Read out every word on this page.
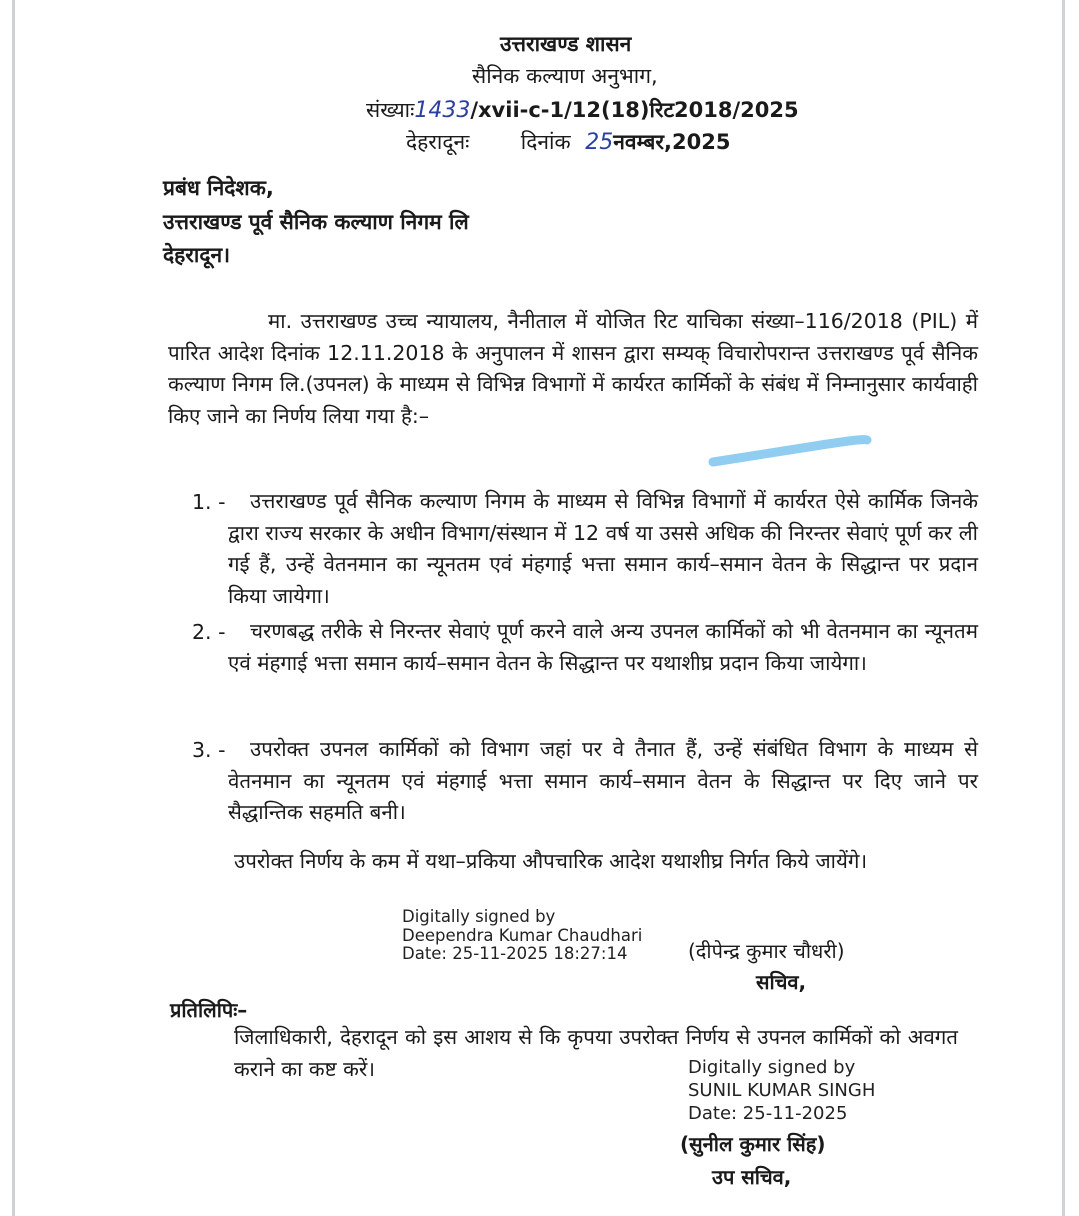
उत्तराखण्ड शासन
सैनिक कल्याण अनुभाग,
संख्याः1433/xvii-c-1/12(18)रिट2018/2025
देहरादूनः दिनांक 25नवम्बर,2025
प्रबंध निदेशक,
उत्तराखण्ड पूर्व सैनिक कल्याण निगम लि
देहरादून।
मा. उत्तराखण्ड उच्च न्यायालय, नैनीताल में योजित रिट याचिका संख्या–116/2018 (PIL) में पारित आदेश दिनांक 12.11.2018 के अनुपालन में शासन द्वारा सम्यक् विचारोपरान्त उत्तराखण्ड पूर्व सैनिक कल्याण निगम लि.(उपनल) के माध्यम से विभिन्न विभागों में कार्यरत कार्मिकों के संबंध में निम्नानुसार कार्यवाही किए जाने का निर्णय लिया गया है:–
1. -	उत्तराखण्ड पूर्व सैनिक कल्याण निगम के माध्यम से विभिन्न विभागों में कार्यरत ऐसे कार्मिक जिनके द्वारा राज्य सरकार के अधीन विभाग/संस्थान में 12 वर्ष या उससे अधिक की निरन्तर सेवाएं पूर्ण कर ली गई हैं, उन्हें वेतनमान का न्यूनतम एवं मंहगाई भत्ता समान कार्य–समान वेतन के सिद्धान्त पर प्रदान किया जायेगा।
2. -	चरणबद्ध तरीके से निरन्तर सेवाएं पूर्ण करने वाले अन्य उपनल कार्मिकों को भी वेतनमान का न्यूनतम एवं मंहगाई भत्ता समान कार्य–समान वेतन के सिद्धान्त पर यथाशीघ्र प्रदान किया जायेगा।
3. -	उपरोक्त उपनल कार्मिकों को विभाग जहां पर वे तैनात हैं, उन्हें संबंधित विभाग के माध्यम से वेतनमान का न्यूनतम एवं मंहगाई भत्ता समान कार्य–समान वेतन के सिद्धान्त पर दिए जाने पर सैद्धान्तिक सहमति बनी।
उपरोक्त निर्णय के कम में यथा–प्रकिया औपचारिक आदेश यथाशीघ्र निर्गत किये जायेंगे।
Digitally signed by
Deependra Kumar Chaudhari
Date: 25-11-2025 18:27:14	(दीपेन्द्र कुमार चौधरी)
सचिव,
प्रतिलिपिः–
जिलाधिकारी, देहरादून को इस आशय से कि कृपया उपरोक्त निर्णय से उपनल कार्मिकों को अवगत कराने का कष्ट करें।	Digitally signed by
SUNIL KUMAR SINGH
Date: 25-11-2025
(सुनील कुमार सिंह)
उप सचिव,
